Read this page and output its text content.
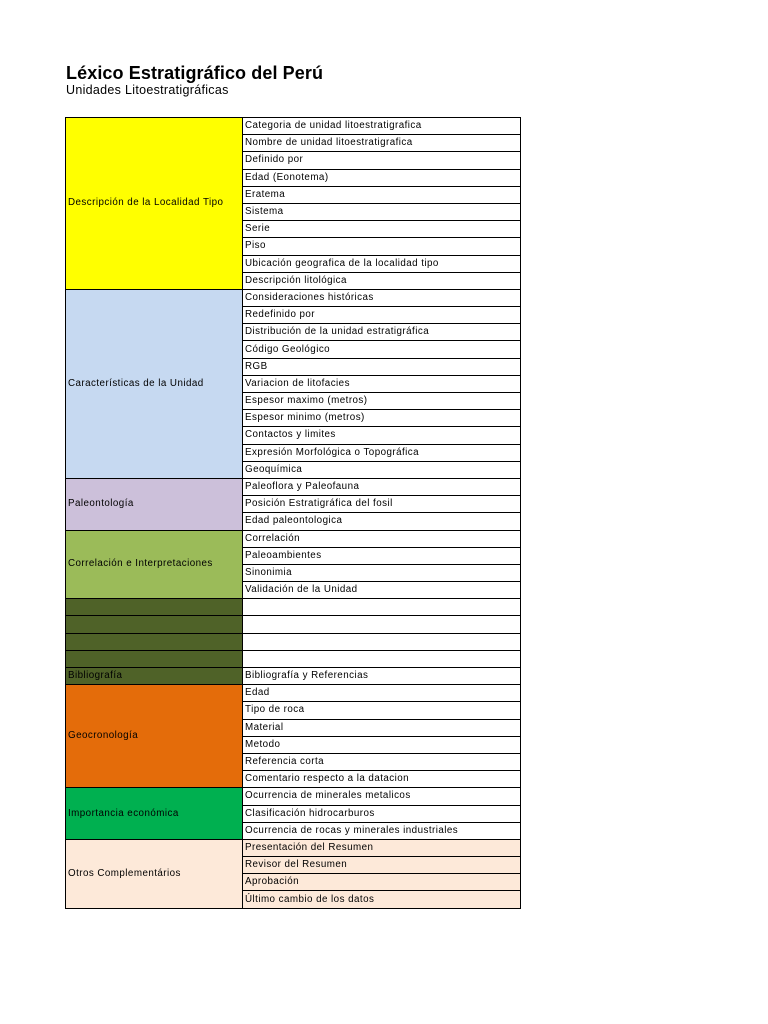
Léxico Estratigráfico del Perú
Unidades Litoestratigráficas
Descripción de la Localidad Tipo	Categoria de unidad litoestratigrafica
	Nombre de unidad litoestratigrafica
	Definido por
	Edad (Eonotema)
	Eratema
	Sistema
	Serie
	Piso
	Ubicación geografica de la localidad tipo
	Descripción litológica
Características de la Unidad	Consideraciones históricas
	Redefinido por
	Distribución de la unidad estratigráfica
	Código Geológico
	RGB
	Variacion de litofacies
	Espesor maximo (metros)
	Espesor minimo (metros)
	Contactos y limites
	Expresión Morfológica o Topográfica
	Geoquímica
Paleontología	Paleoflora y Paleofauna
	Posición Estratigráfica del fosil
	Edad paleontologica
Correlación e Interpretaciones	Correlación
	Paleoambientes
	Sinonimia
	Validación de la Unidad

Bibliografía	Bibliografía y Referencias
Geocronología	Edad
	Tipo de roca
	Material
	Metodo
	Referencia corta
	Comentario respecto a la datacion
Importancia económica	Ocurrencia de minerales metalicos
	Clasificación hidrocarburos
	Ocurrencia de rocas y minerales industriales
Otros Complementários	Presentación del Resumen
	Revisor del Resumen
	Aprobación
	Último cambio de los datos
